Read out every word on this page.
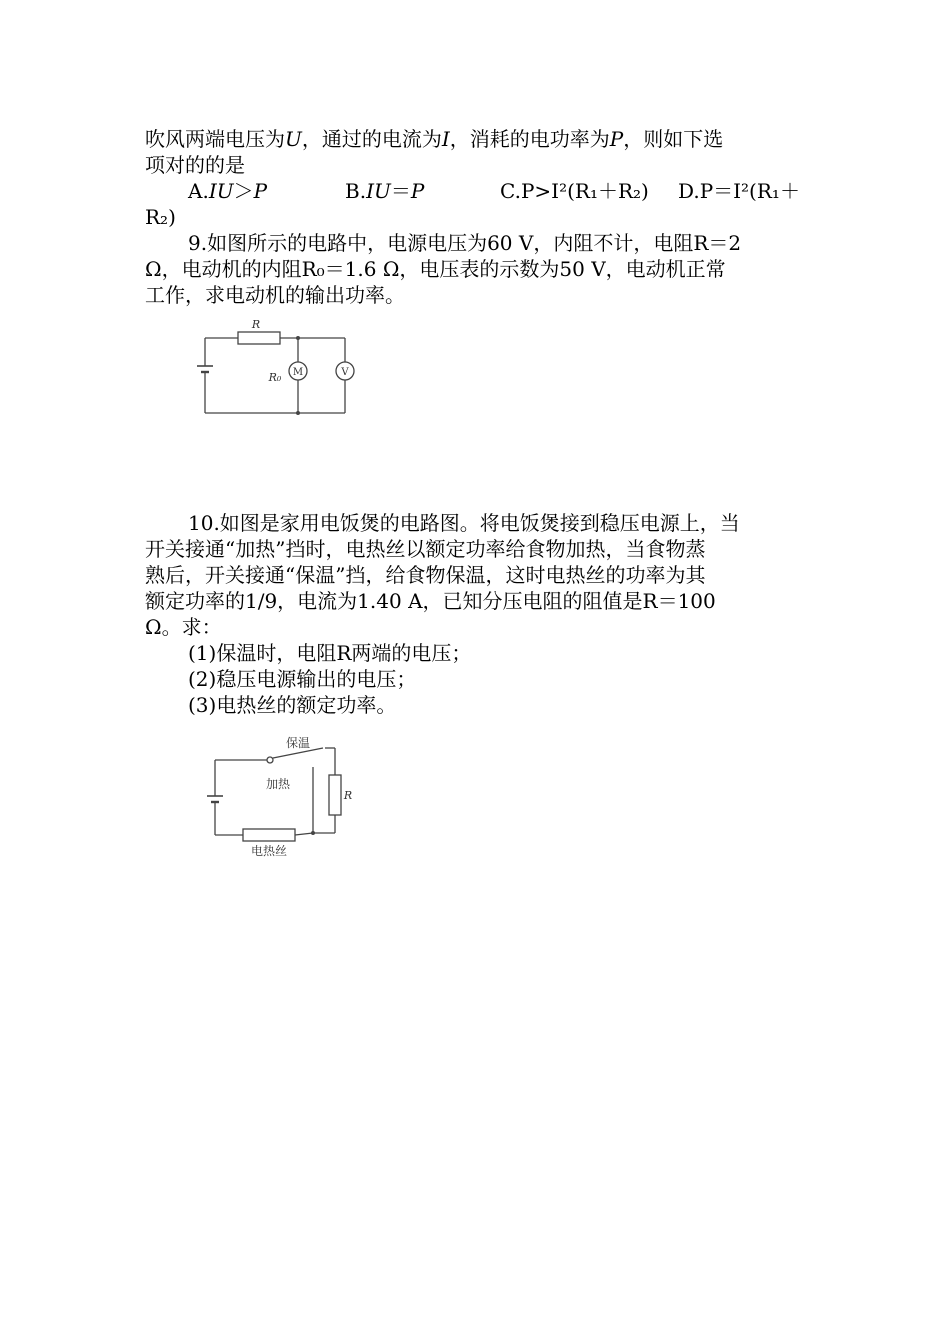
吹风两端电压为U，通过的电流为I，消耗的电功率为P，则如下选
项对的的是
A.IU＞P	B.IU＝P	C.P>I²(R₁＋R₂) D.P＝I²(R₁＋
R₂)
9.如图所示的电路中，电源电压为60 V，内阻不计，电阻R＝2
Ω，电动机的内阻R₀＝1.6 Ω，电压表的示数为50 V，电动机正常
工作，求电动机的输出功率。
R
R₀ M	V
10.如图是家用电饭煲的电路图。将电饭煲接到稳压电源上，当
开关接通“加热”挡时，电热丝以额定功率给食物加热，当食物蒸
熟后，开关接通“保温”挡，给食物保温，这时电热丝的功率为其
额定功率的1/9，电流为1.40 A，已知分压电阻的阻值是R＝100
Ω。求：
(1)保温时，电阻R两端的电压；
(2)稳压电源输出的电压；
(3)电热丝的额定功率。
保温
加热
R
电热丝
